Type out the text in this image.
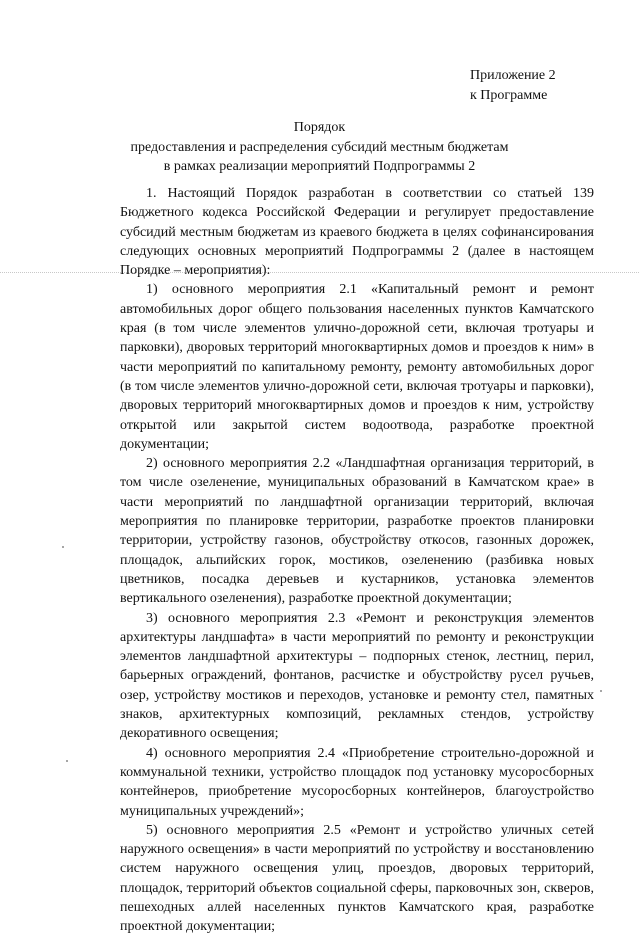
Приложение 2
к Программе
Порядок
предоставления и распределения субсидий местным бюджетам
в рамках реализации мероприятий Подпрограммы 2

1. Настоящий Порядок разработан в соответствии со статьей 139 Бюджетного кодекса Российской Федерации и регулирует предоставление субсидий местным бюджетам из краевого бюджета в целях софинансирования следующих основных мероприятий Подпрограммы 2 (далее в настоящем Порядке – мероприятия):

1) основного мероприятия 2.1 «Капитальный ремонт и ремонт автомобильных дорог общего пользования населенных пунктов Камчатского края (в том числе элементов улично-дорожной сети, включая тротуары и парковки), дворовых территорий многоквартирных домов и проездов к ним» в части мероприятий по капитальному ремонту, ремонту автомобильных дорог (в том числе элементов улично-дорожной сети, включая тротуары и парковки), дворовых территорий многоквартирных домов и проездов к ним, устройству открытой или закрытой систем водоотвода, разработке проектной документации;

2) основного мероприятия 2.2 «Ландшафтная организация территорий, в том числе озеленение, муниципальных образований в Камчатском крае» в части мероприятий по ландшафтной организации территорий, включая мероприятия по планировке территории, разработке проектов планировки территории, устройству газонов, обустройству откосов, газонных дорожек, площадок, альпийских горок, мостиков, озеленению (разбивка новых цветников, посадка деревьев и кустарников, установка элементов вертикального озеленения), разработке проектной документации;

3) основного мероприятия 2.3 «Ремонт и реконструкция элементов архитектуры ландшафта» в части мероприятий по ремонту и реконструкции элементов ландшафтной архитектуры – подпорных стенок, лестниц, перил, барьерных ограждений, фонтанов, расчистке и обустройству русел ручьев, озер, устройству мостиков и переходов, установке и ремонту стел, памятных знаков, архитектурных композиций, рекламных стендов, устройству декоративного освещения;

4) основного мероприятия 2.4 «Приобретение строительно-дорожной и коммунальной техники, устройство площадок под установку мусоросборных контейнеров, приобретение мусоросборных контейнеров, благоустройство муниципальных учреждений»;

5) основного мероприятия 2.5 «Ремонт и устройство уличных сетей наружного освещения» в части мероприятий по устройству и восстановлению систем наружного освещения улиц, проездов, дворовых территорий, площадок, территорий объектов социальной сферы, парковочных зон, скверов, пешеходных аллей населенных пунктов Камчатского края, разработке проектной документации;
